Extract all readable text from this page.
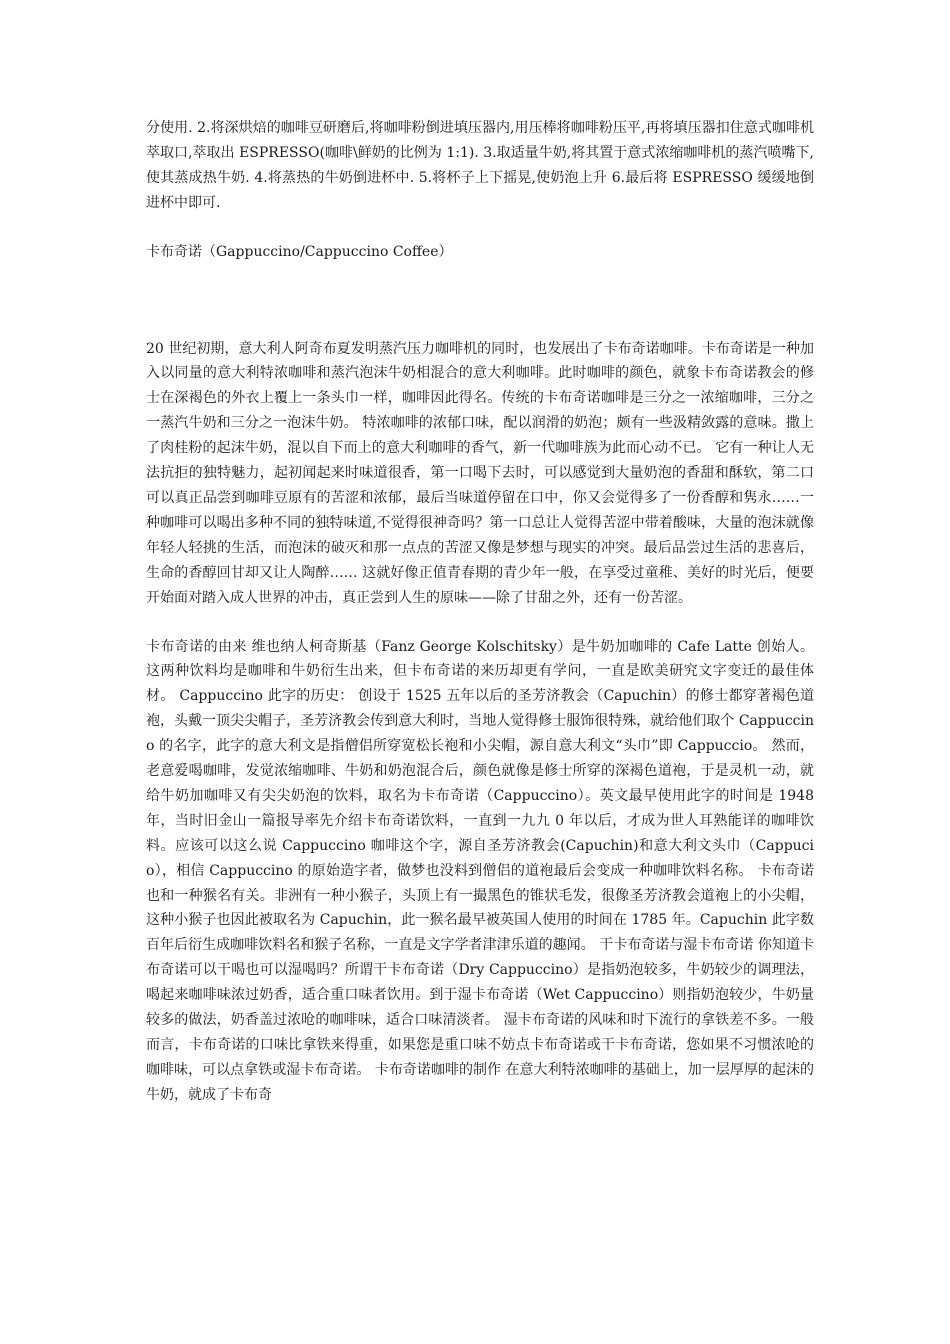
分使用. 2.将深烘焙的咖啡豆研磨后,将咖啡粉倒进填压器内,用压棒将咖啡粉压平,再将填压器扣住意式咖啡机萃取口,萃取出 ESPRESSO(咖啡\鲜奶的比例为 1:1). 3.取适量牛奶,将其置于意式浓缩咖啡机的蒸汽喷嘴下,使其蒸成热牛奶. 4.将蒸热的牛奶倒进杯中. 5.将杯子上下摇晃,使奶泡上升 6.最后将 ESPRESSO 缓缓地倒进杯中即可.

卡布奇诺（Gappuccino/Cappuccino Coffee）

20 世纪初期，意大利人阿奇布夏发明蒸汽压力咖啡机的同时，也发展出了卡布奇诺咖啡。卡布奇诺是一种加入以同量的意大利特浓咖啡和蒸汽泡沫牛奶相混合的意大利咖啡。此时咖啡的颜色，就象卡布奇诺教会的修士在深褐色的外衣上覆上一条头巾一样，咖啡因此得名。传统的卡布奇诺咖啡是三分之一浓缩咖啡，三分之一蒸汽牛奶和三分之一泡沫牛奶。 特浓咖啡的浓郁口味，配以润滑的奶泡；颇有一些汲精敛露的意味。撒上了肉桂粉的起沫牛奶，混以自下而上的意大利咖啡的香气，新一代咖啡族为此而心动不已。 它有一种让人无法抗拒的独特魅力，起初闻起来时味道很香，第一口喝下去时，可以感觉到大量奶泡的香甜和酥软，第二口可以真正品尝到咖啡豆原有的苦涩和浓郁，最后当味道停留在口中，你又会觉得多了一份香醇和隽永……一种咖啡可以喝出多种不同的独特味道,不觉得很神奇吗？第一口总让人觉得苦涩中带着酸味，大量的泡沫就像年轻人轻挑的生活，而泡沫的破灭和那一点点的苦涩又像是梦想与现实的冲突。最后品尝过生活的悲喜后，生命的香醇回甘却又让人陶醉…… 这就好像正值青春期的青少年一般，在享受过童稚、美好的时光后，便要开始面对踏入成人世界的冲击，真正尝到人生的原味——除了甘甜之外，还有一份苦涩。

卡布奇诺的由来 维也纳人柯奇斯基（Fanz George Kolschitsky）是牛奶加咖啡的 Cafe Latte 创始人。 这两种饮料均是咖啡和牛奶衍生出来，但卡布奇诺的来历却更有学问，一直是欧美研究文字变迁的最佳体材。 Cappuccino 此字的历史： 创设于 1525 五年以后的圣芳济教会（Capuchin）的修士都穿著褐色道袍，头戴一顶尖尖帽子，圣芳济教会传到意大利时，当地人觉得修士服饰很特殊，就给他们取个 Cappuccino 的名字，此字的意大利文是指僧侣所穿宽松长袍和小尖帽，源自意大利文“头巾”即 Cappuccio。 然而，老意爱喝咖啡，发觉浓缩咖啡、牛奶和奶泡混合后，颜色就像是修士所穿的深褐色道袍，于是灵机一动，就给牛奶加咖啡又有尖尖奶泡的饮料，取名为卡布奇诺（Cappuccino）。英文最早使用此字的时间是 1948 年，当时旧金山一篇报导率先介绍卡布奇诺饮料，一直到一九九 0 年以后，才成为世人耳熟能详的咖啡饮料。应该可以这么说 Cappuccino 咖啡这个字，源自圣芳济教会(Capuchin)和意大利文头巾（Cappucio），相信 Cappuccino 的原始造字者，做梦也没料到僧侣的道袍最后会变成一种咖啡饮料名称。 卡布奇诺也和一种猴名有关。非洲有一种小猴子，头顶上有一撮黑色的锥状毛发，很像圣芳济教会道袍上的小尖帽，这种小猴子也因此被取名为 Capuchin，此一猴名最早被英国人使用的时间在 1785 年。Capuchin 此字数百年后衍生成咖啡饮料名和猴子名称，一直是文字学者津津乐道的趣闻。 干卡布奇诺与湿卡布奇诺 你知道卡布奇诺可以干喝也可以湿喝吗？所谓干卡布奇诺（Dry Cappuccino）是指奶泡较多，牛奶较少的调理法，喝起来咖啡味浓过奶香，适合重口味者饮用。到于湿卡布奇诺（Wet Cappuccino）则指奶泡较少，牛奶量较多的做法，奶香盖过浓呛的咖啡味，适合口味清淡者。 湿卡布奇诺的风味和时下流行的拿铁差不多。一般而言，卡布奇诺的口味比拿铁来得重，如果您是重口味不妨点卡布奇诺或干卡布奇诺，您如果不习惯浓呛的咖啡味，可以点拿铁或湿卡布奇诺。 卡布奇诺咖啡的制作 在意大利特浓咖啡的基础上，加一层厚厚的起沫的牛奶，就成了卡布奇
